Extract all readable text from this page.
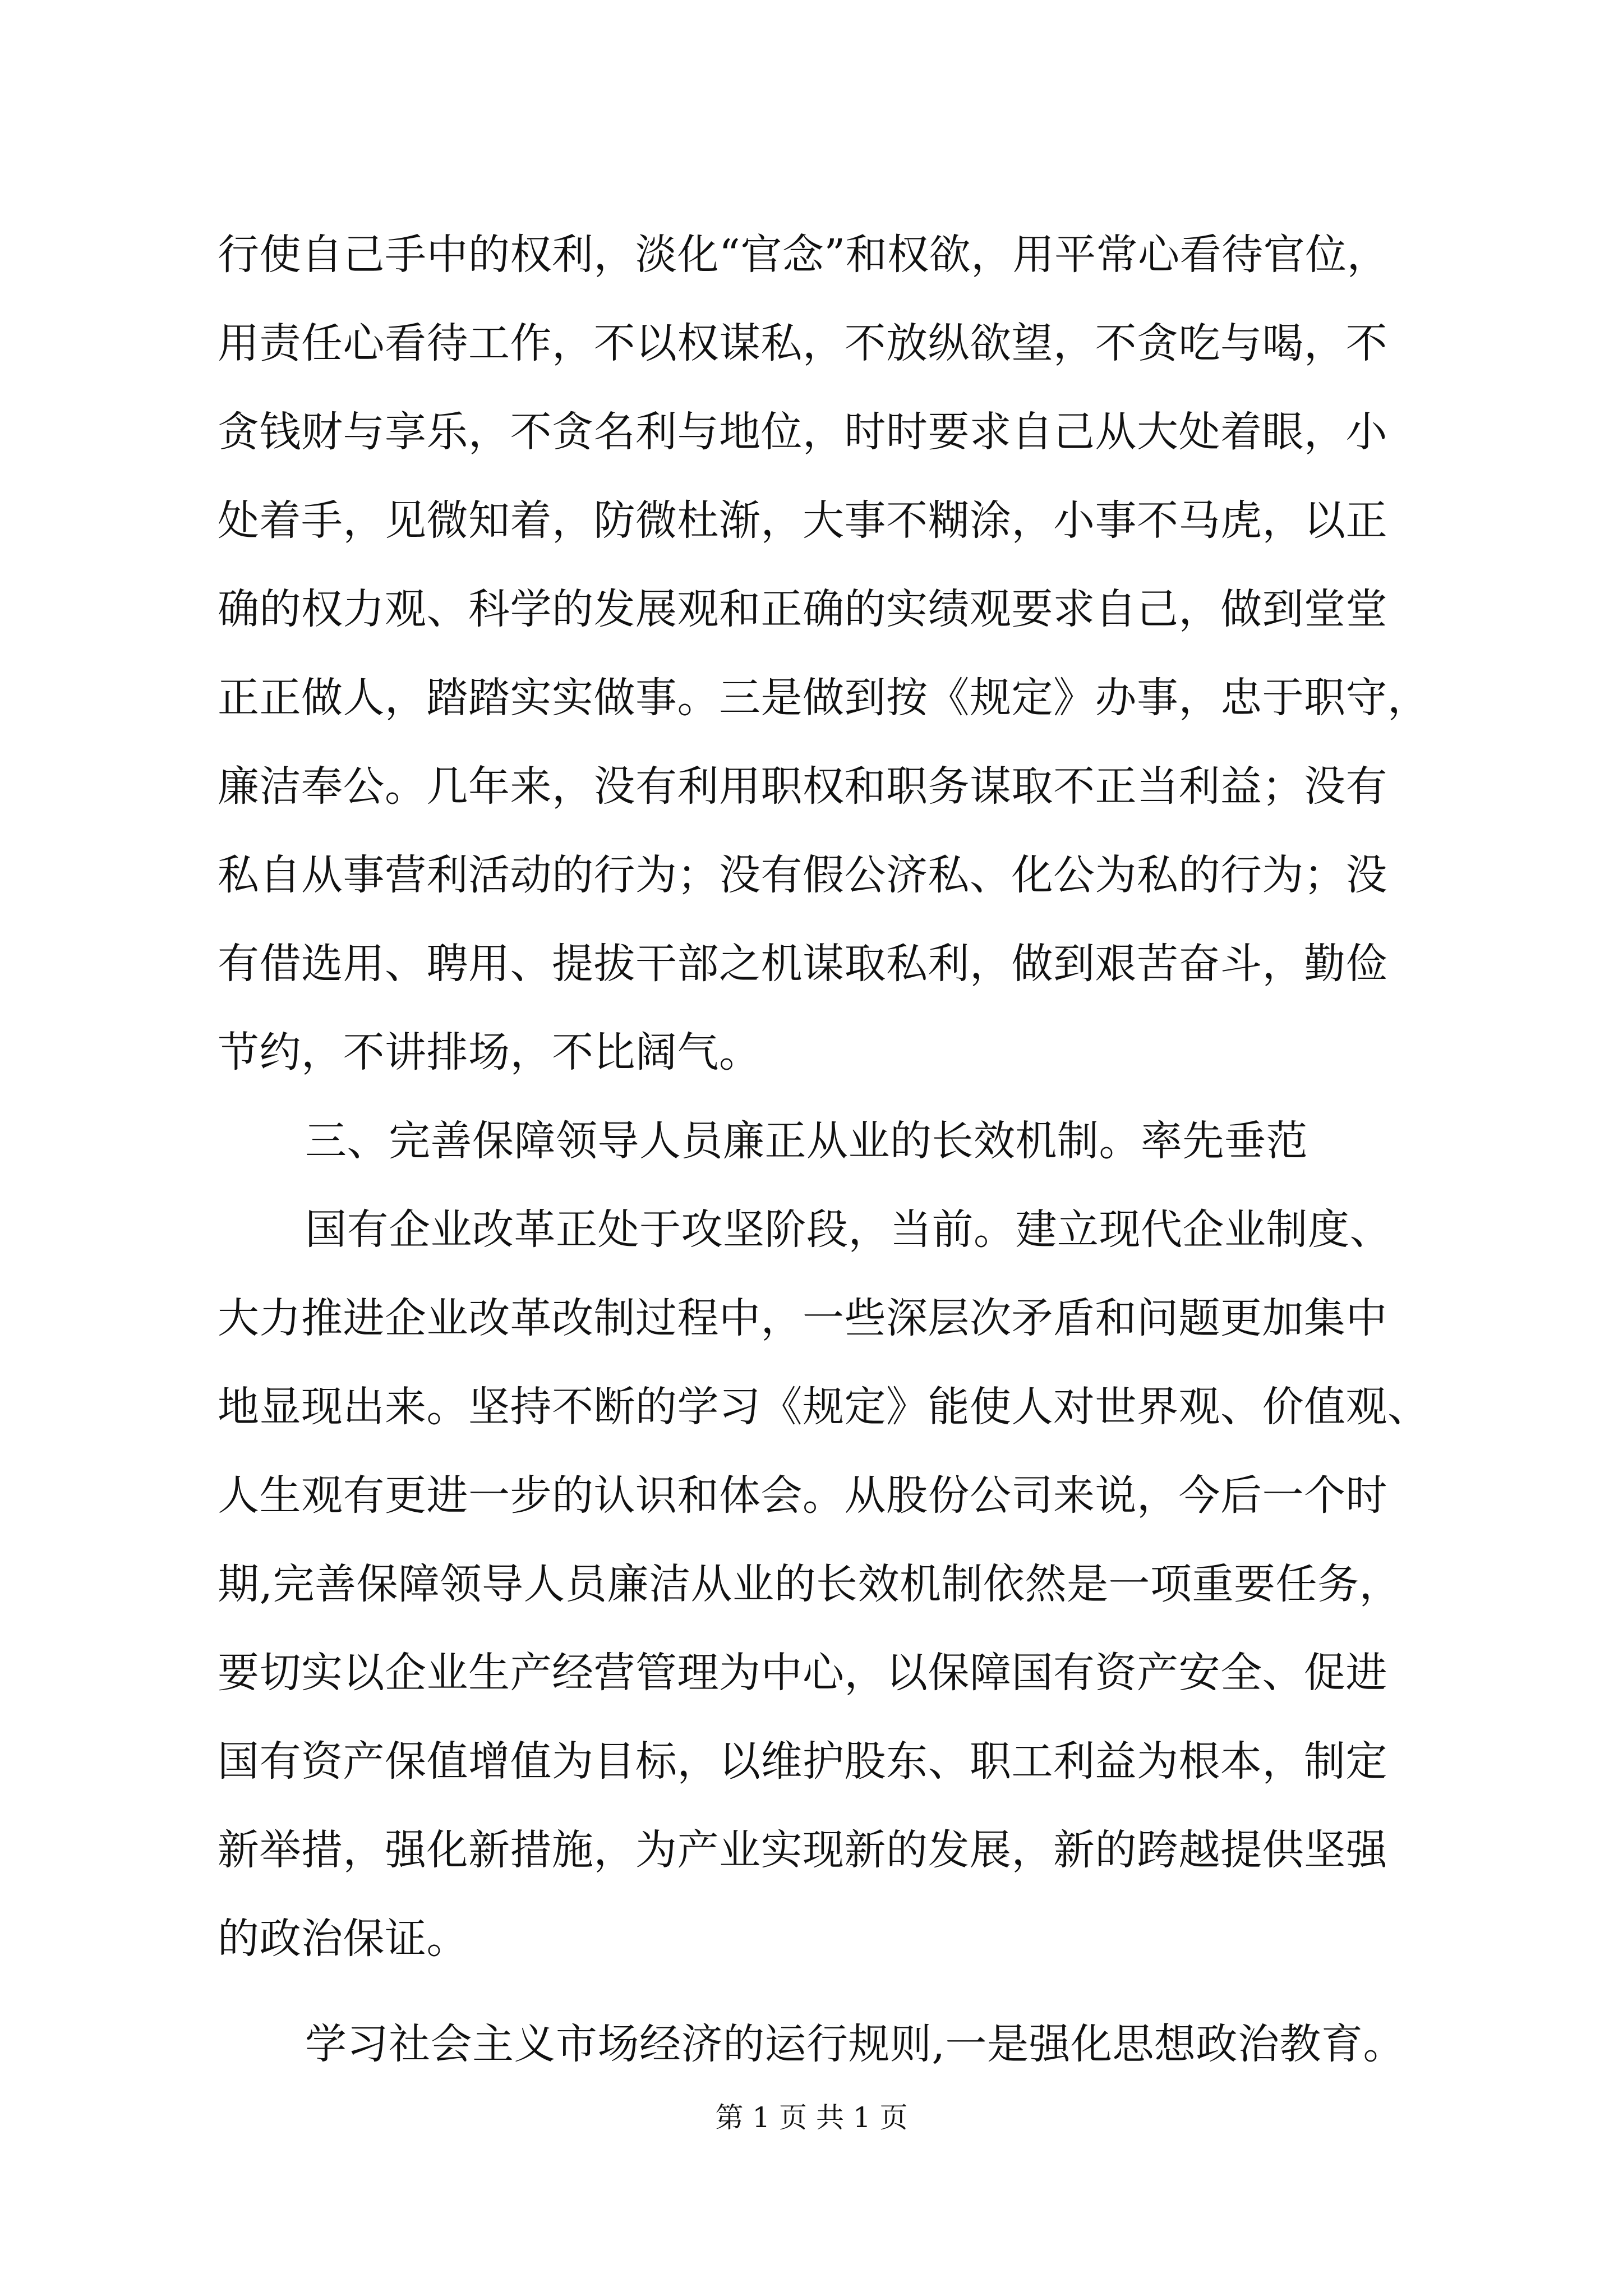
行使自己手中的权利，淡化“官念”和权欲，用平常心看待官位，
用责任心看待工作，不以权谋私，不放纵欲望，不贪吃与喝，不
贪钱财与享乐，不贪名利与地位，时时要求自己从大处着眼，小
处着手，见微知着，防微杜渐，大事不糊涂，小事不马虎，以正
确的权力观、科学的发展观和正确的实绩观要求自己，做到堂堂
正正做人，踏踏实实做事。三是做到按《规定》办事，忠于职守，
廉洁奉公。几年来，没有利用职权和职务谋取不正当利益；没有
私自从事营利活动的行为；没有假公济私、化公为私的行为；没
有借选用、聘用、提拔干部之机谋取私利，做到艰苦奋斗，勤俭
节约，不讲排场，不比阔气。
三、完善保障领导人员廉正从业的长效机制。率先垂范
国有企业改革正处于攻坚阶段，当前。建立现代企业制度、
大力推进企业改革改制过程中，一些深层次矛盾和问题更加集中
地显现出来。坚持不断的学习《规定》能使人对世界观、价值观、
人生观有更进一步的认识和体会。从股份公司来说，今后一个时
期,完善保障领导人员廉洁从业的长效机制依然是一项重要任务，
要切实以企业生产经营管理为中心，以保障国有资产安全、促进
国有资产保值增值为目标，以维护股东、职工利益为根本，制定
新举措，强化新措施，为产业实现新的发展，新的跨越提供坚强
的政治保证。
学习社会主义市场经济的运行规则,一是强化思想政治教育。
第 1 页 共 1 页
